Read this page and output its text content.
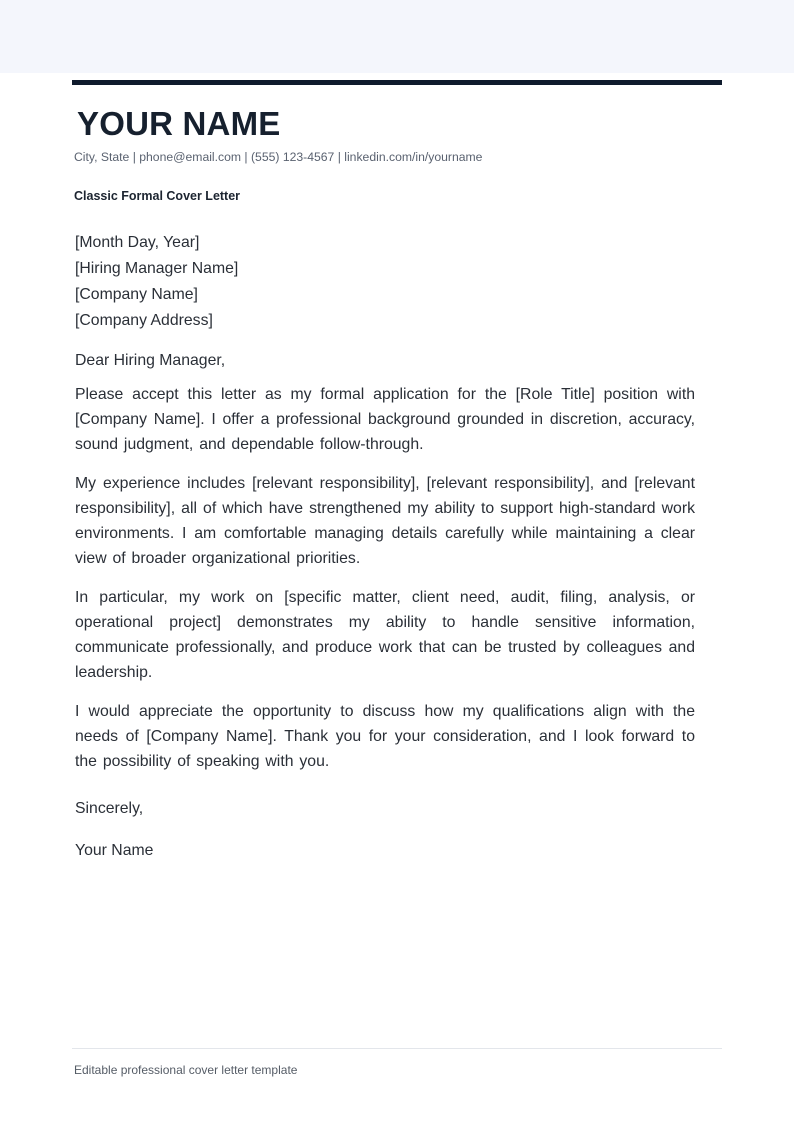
YOUR NAME
City, State | phone@email.com | (555) 123-4567 | linkedin.com/in/yourname
Classic Formal Cover Letter
[Month Day, Year]
[Hiring Manager Name]
[Company Name]
[Company Address]
Dear Hiring Manager,
Please accept this letter as my formal application for the [Role Title] position with [Company Name]. I offer a professional background grounded in discretion, accuracy, sound judgment, and dependable follow-through.
My experience includes [relevant responsibility], [relevant responsibility], and [relevant responsibility], all of which have strengthened my ability to support high-standard work environments. I am comfortable managing details carefully while maintaining a clear view of broader organizational priorities.
In particular, my work on [specific matter, client need, audit, filing, analysis, or operational project] demonstrates my ability to handle sensitive information, communicate professionally, and produce work that can be trusted by colleagues and leadership.
I would appreciate the opportunity to discuss how my qualifications align with the needs of [Company Name]. Thank you for your consideration, and I look forward to the possibility of speaking with you.
Sincerely,
Your Name
Editable professional cover letter template
